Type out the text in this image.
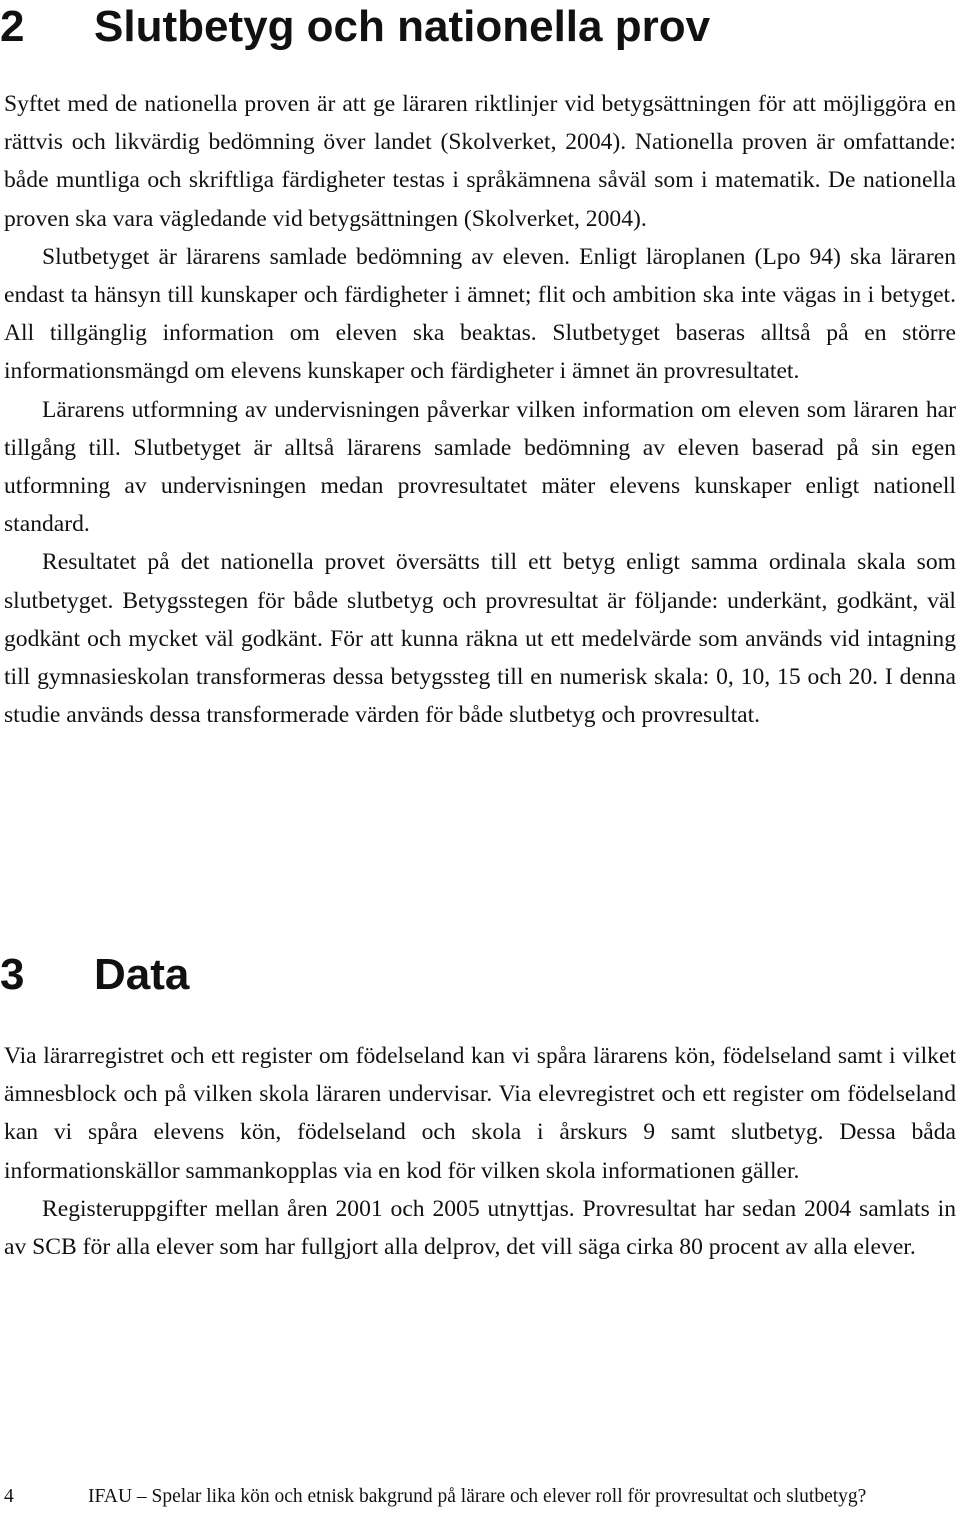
2 Slutbetyg och nationella prov

Syftet med de nationella proven är att ge läraren riktlinjer vid betygsättningen för att möjliggöra en rättvis och likvärdig bedömning över landet (Skolverket, 2004). Nationella proven är omfattande: både muntliga och skriftliga färdigheter testas i språkämnena såväl som i matematik. De nationella proven ska vara vägledande vid betygsättningen (Skolverket, 2004).

Slutbetyget är lärarens samlade bedömning av eleven. Enligt läroplanen (Lpo 94) ska läraren endast ta hänsyn till kunskaper och färdigheter i ämnet; flit och ambition ska inte vägas in i betyget. All tillgänglig information om eleven ska beaktas. Slutbetyget baseras alltså på en större informationsmängd om elevens kunskaper och färdigheter i ämnet än provresultatet.

Lärarens utformning av undervisningen påverkar vilken information om eleven som läraren har tillgång till. Slutbetyget är alltså lärarens samlade bedömning av eleven baserad på sin egen utformning av undervisningen medan provresultatet mäter elevens kunskaper enligt nationell standard.

Resultatet på det nationella provet översätts till ett betyg enligt samma ordinala skala som slutbetyget. Betygsstegen för både slutbetyg och provresultat är följande: underkänt, godkänt, väl godkänt och mycket väl godkänt. För att kunna räkna ut ett medelvärde som används vid intagning till gymnasieskolan transformeras dessa betygssteg till en numerisk skala: 0, 10, 15 och 20. I denna studie används dessa transformerade värden för både slutbetyg och provresultat.

3 Data

Via lärarregistret och ett register om födelseland kan vi spåra lärarens kön, födelseland samt i vilket ämnesblock och på vilken skola läraren undervisar. Via elevregistret och ett register om födelseland kan vi spåra elevens kön, födelseland och skola i årskurs 9 samt slutbetyg. Dessa båda informationskällor sammankopplas via en kod för vilken skola informationen gäller.

Registeruppgifter mellan åren 2001 och 2005 utnyttjas. Provresultat har sedan 2004 samlats in av SCB för alla elever som har fullgjort alla delprov, det vill säga cirka 80 procent av alla elever.

4	IFAU – Spelar lika kön och etnisk bakgrund på lärare och elever roll för provresultat och slutbetyg?
